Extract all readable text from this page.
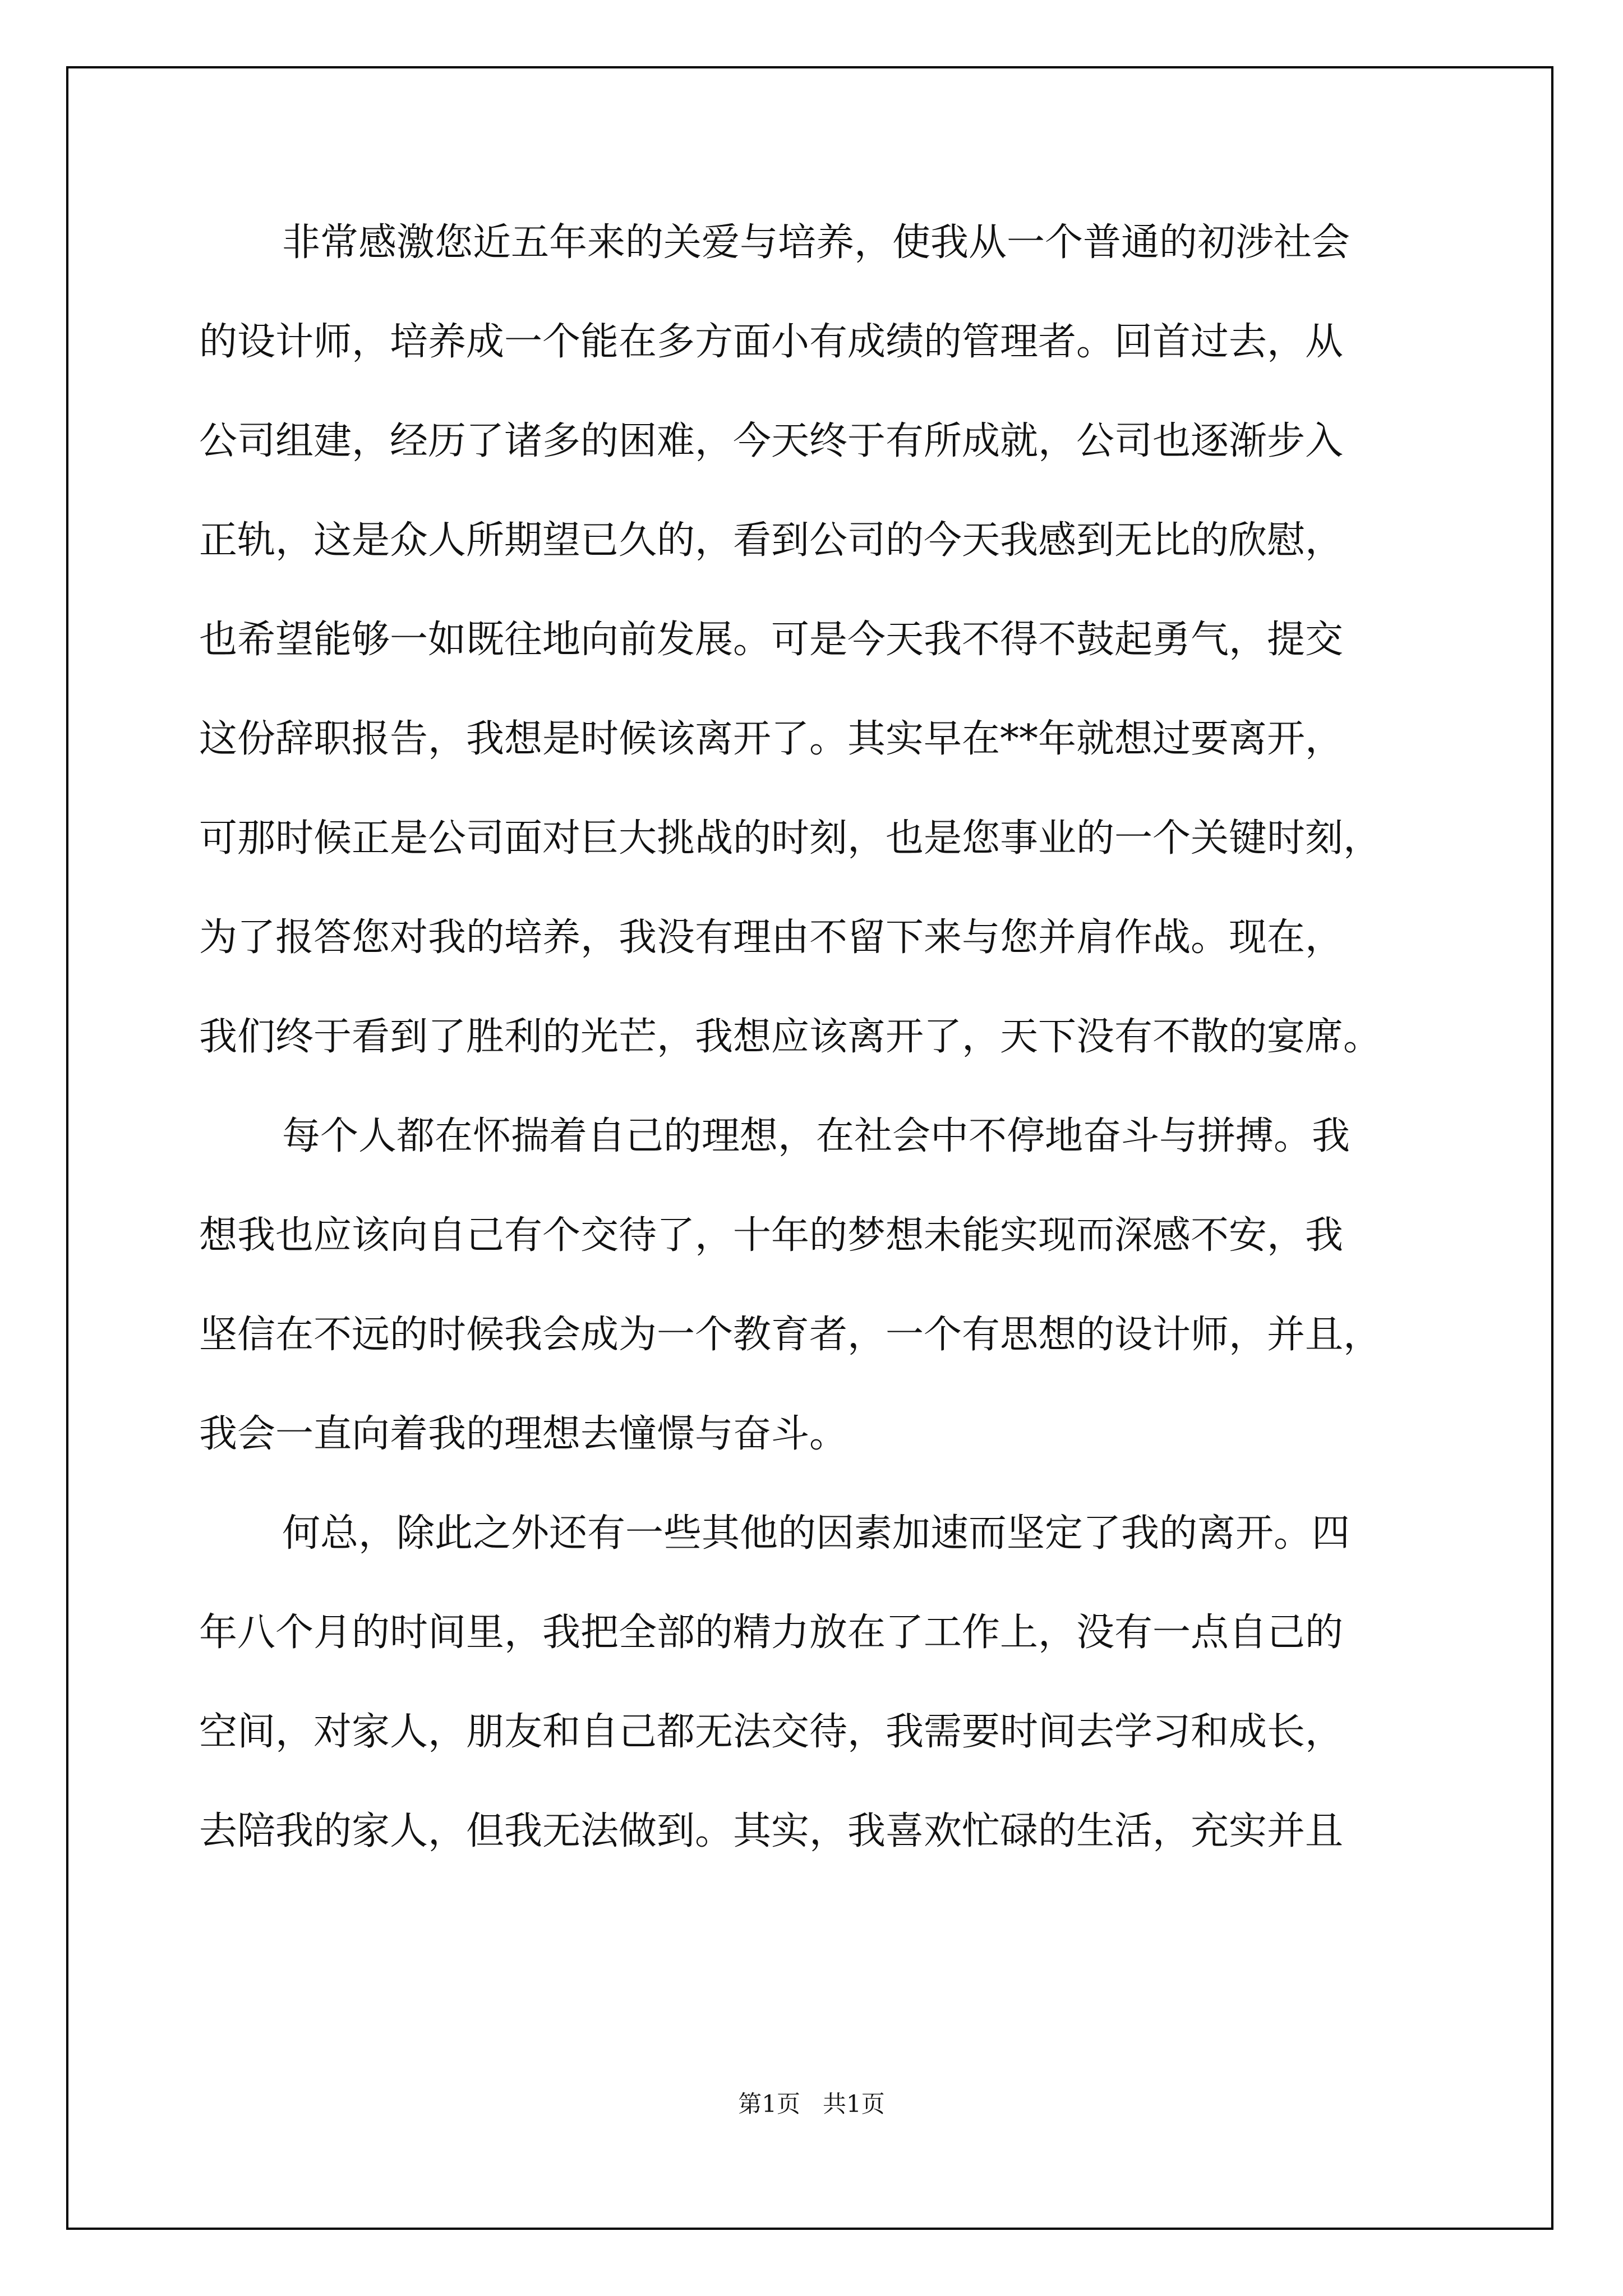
非常感激您近五年来的关爱与培养，使我从一个普通的初涉社会
的设计师，培养成一个能在多方面小有成绩的管理者。回首过去，从
公司组建，经历了诸多的困难，今天终于有所成就，公司也逐渐步入
正轨，这是众人所期望已久的，看到公司的今天我感到无比的欣慰，
也希望能够一如既往地向前发展。可是今天我不得不鼓起勇气，提交
这份辞职报告，我想是时候该离开了。其实早在**年就想过要离开，
可那时候正是公司面对巨大挑战的时刻，也是您事业的一个关键时刻，
为了报答您对我的培养，我没有理由不留下来与您并肩作战。现在，
我们终于看到了胜利的光芒，我想应该离开了，天下没有不散的宴席。
每个人都在怀揣着自己的理想，在社会中不停地奋斗与拼搏。我
想我也应该向自己有个交待了，十年的梦想未能实现而深感不安，我
坚信在不远的时候我会成为一个教育者，一个有思想的设计师，并且，
我会一直向着我的理想去憧憬与奋斗。
何总，除此之外还有一些其他的因素加速而坚定了我的离开。四
年八个月的时间里，我把全部的精力放在了工作上，没有一点自己的
空间，对家人，朋友和自己都无法交待，我需要时间去学习和成长，
去陪我的家人，但我无法做到。其实，我喜欢忙碌的生活，充实并且
第1页   共1页
